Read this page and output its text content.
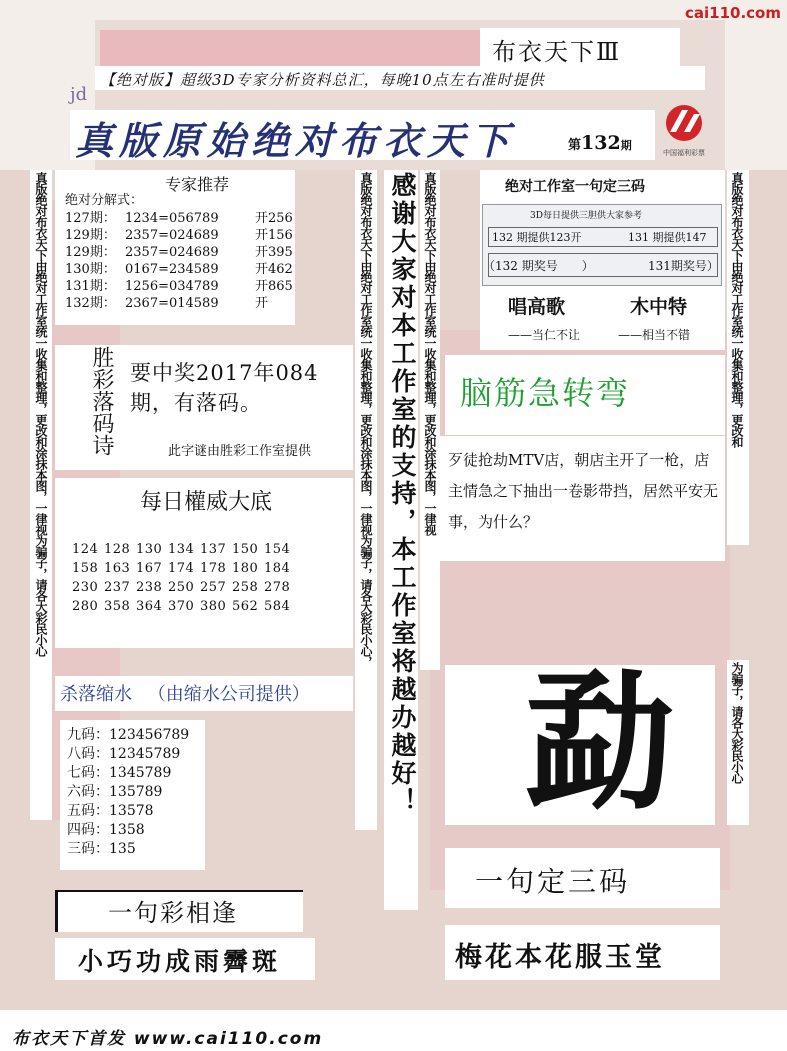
cai110.com
布衣天下Ⅲ
【绝对版】超级3D专家分析资料总汇，每晚10点左右准时提供
jd
真版原始绝对布衣天下	第132期
中国福利彩票
真版绝对布衣天下由绝对工作室统一收集和整理，更改和涂抹本图，一律视为骗子，请各大彩民小心	真版绝对布衣天下由绝对工作室统一收集和整理，更改和涂抹本图，一律视为骗子，请各大彩民小心，	真版绝对布衣天下由绝对工作室统一收集和整理，更改和涂抹本图，一律视	真版绝对布衣天下由绝对工作室统一收集和整理，更改和
为骗子，请各大彩民小心
感谢大家对本工作室的支持，本工作室将越办越好！
专家推荐
绝对分解式：
127期： 1234=056789	开256
129期： 2357=024689	开156
129期： 2357=024689	开395
130期： 0167=234589	开462
131期： 1256=034789	开865
132期： 2367=014589	开
胜彩落码诗 要中奖2017年084期，有落码。
此字谜由胜彩工作室提供
每日權威大底
124 128 130 134 137 150 154
158 163 167 174 178 180 184
230 237 238 250 257 258 278
280 358 364 370 380 562 584
杀落缩水 （由缩水公司提供）
九码：123456789
八码：12345789
七码：1345789
六码：135789
五码：13578
四码：1358
三码：135
一句彩相逢
小巧功成雨霽斑
绝对工作室一句定三码
3D每日提供三胆供大家参考
132 期提供123开	131 期提供147
（132 期奖号　　）	131期奖号）
唱高歌
——当仁不让
木中特
——相当不错
脑筋急转弯
歹徒抢劫MTV店，朝店主开了一枪，店主情急之下抽出一卷影带挡，居然平安无事，为什么？
勐
一句定三码
梅花本花服玉堂
布衣天下首发 www.cai110.com
